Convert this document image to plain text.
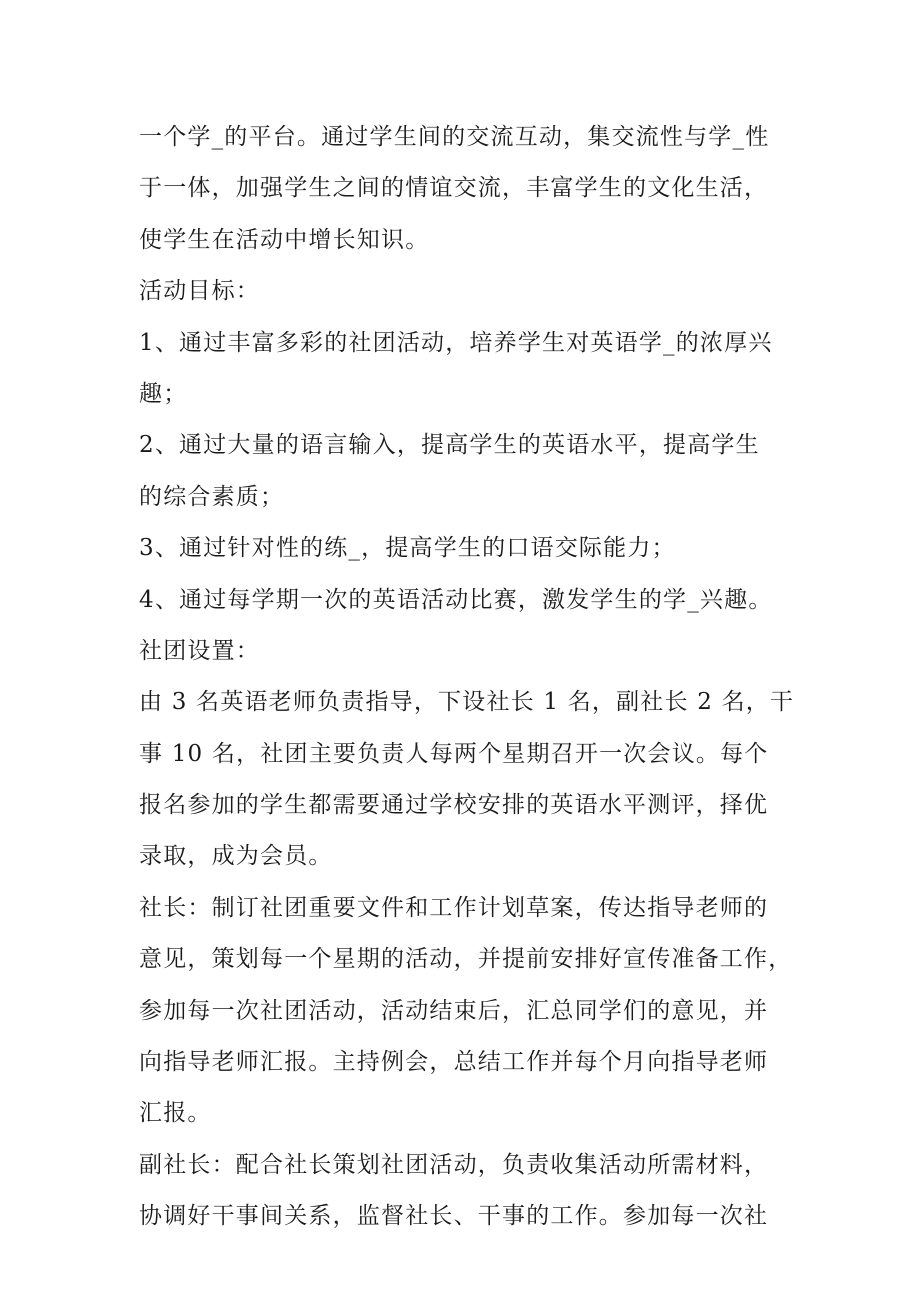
一个学_的平台。通过学生间的交流互动，集交流性与学_性
于一体，加强学生之间的情谊交流，丰富学生的文化生活，
使学生在活动中增长知识。
活动目标：
1、通过丰富多彩的社团活动，培养学生对英语学_的浓厚兴
趣；
2、通过大量的语言输入，提高学生的英语水平，提高学生
的综合素质；
3、通过针对性的练_，提高学生的口语交际能力；
4、通过每学期一次的英语活动比赛，激发学生的学_兴趣。
社团设置：
由 3 名英语老师负责指导，下设社长 1 名，副社长 2 名，干
事 10 名，社团主要负责人每两个星期召开一次会议。每个
报名参加的学生都需要通过学校安排的英语水平测评，择优
录取，成为会员。
社长：制订社团重要文件和工作计划草案，传达指导老师的
意见，策划每一个星期的活动，并提前安排好宣传准备工作，
参加每一次社团活动，活动结束后，汇总同学们的意见，并
向指导老师汇报。主持例会，总结工作并每个月向指导老师
汇报。
副社长：配合社长策划社团活动，负责收集活动所需材料，
协调好干事间关系，监督社长、干事的工作。参加每一次社
